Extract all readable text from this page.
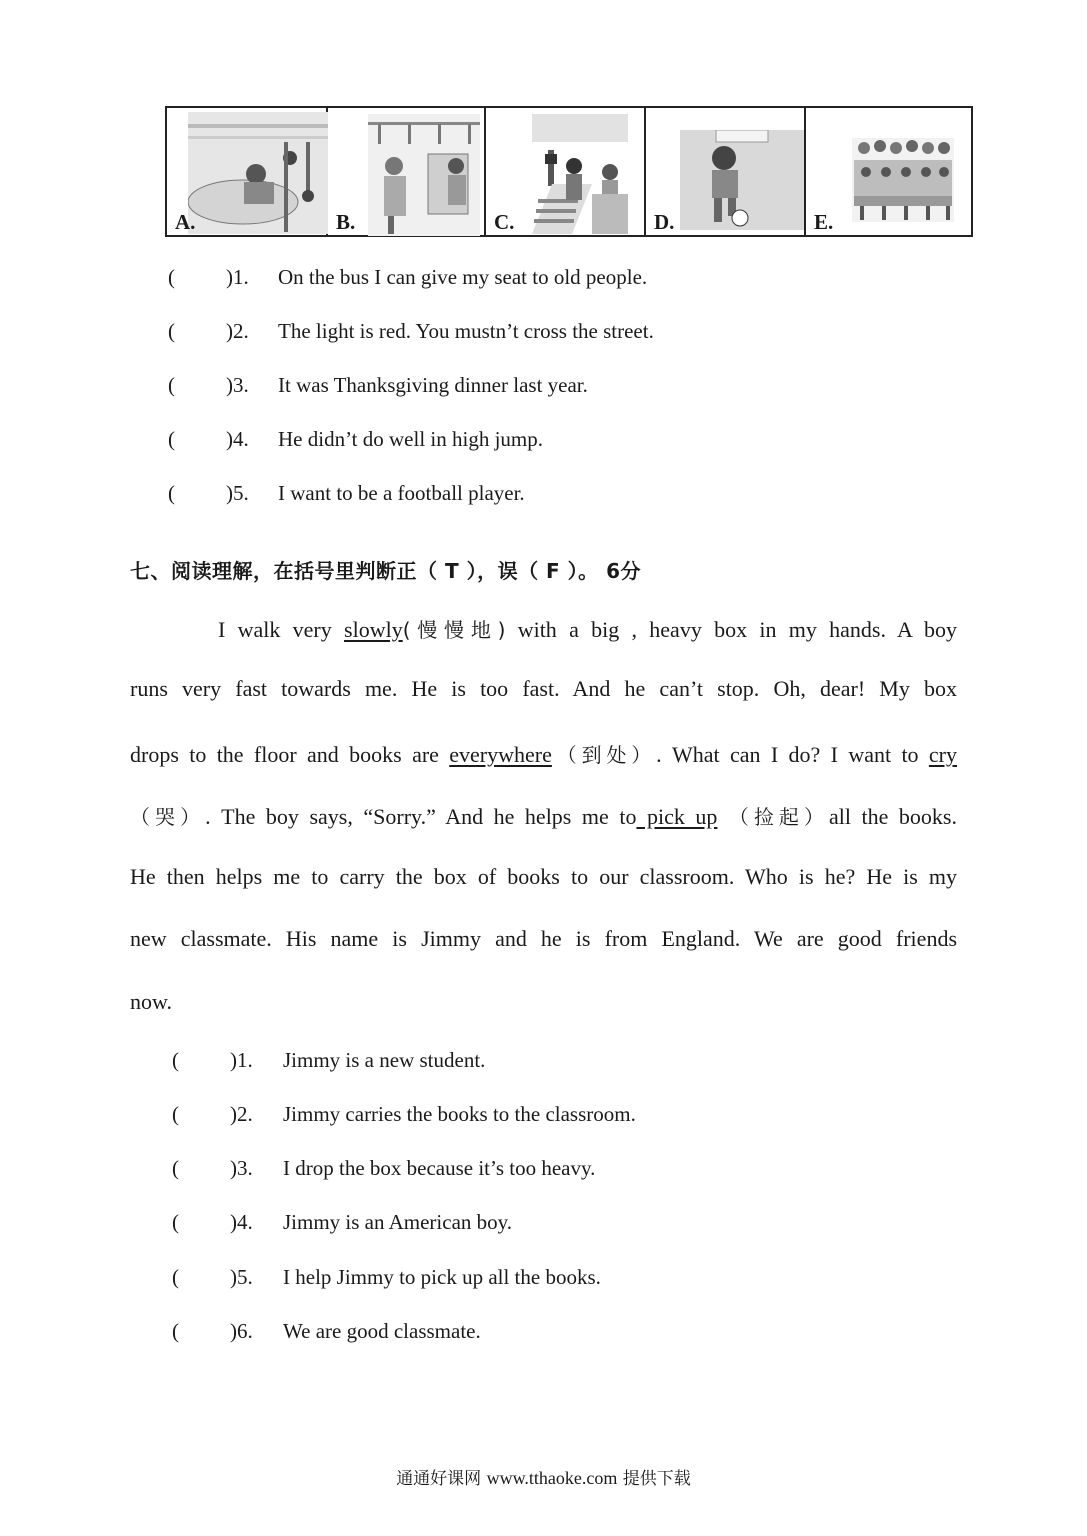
A.	B.	C.	D.	E.
( )1. On the bus I can give my seat to old people.
( )2. The light is red. You mustn’t cross the street.
( )3. It was Thanksgiving dinner last year.
( )4. He didn’t do well in high jump.
( )5. I want to be a football player.
七、阅读理解，在括号里判断正（ T ），误（ F ）。 6分
I walk very slowly(慢慢地) with a big , heavy box in my hands. A boy
runs very fast towards me. He is too fast. And he can’t stop. Oh, dear! My box
drops to the floor and books are everywhere（到处）. What can I do? I want to cry
（哭）. The boy says, “Sorry.” And he helps me to pick up （捡起）all the books.
He then helps me to carry the box of books to our classroom. Who is he? He is my
new classmate. His name is Jimmy and he is from England. We are good friends
now.
( )1. Jimmy is a new student.
( )2. Jimmy carries the books to the classroom.
( )3. I drop the box because it’s too heavy.
( )4. Jimmy is an American boy.
( )5. I help Jimmy to pick up all the books.
( )6. We are good classmate.
通通好课网 www.tthaoke.com 提供下载
